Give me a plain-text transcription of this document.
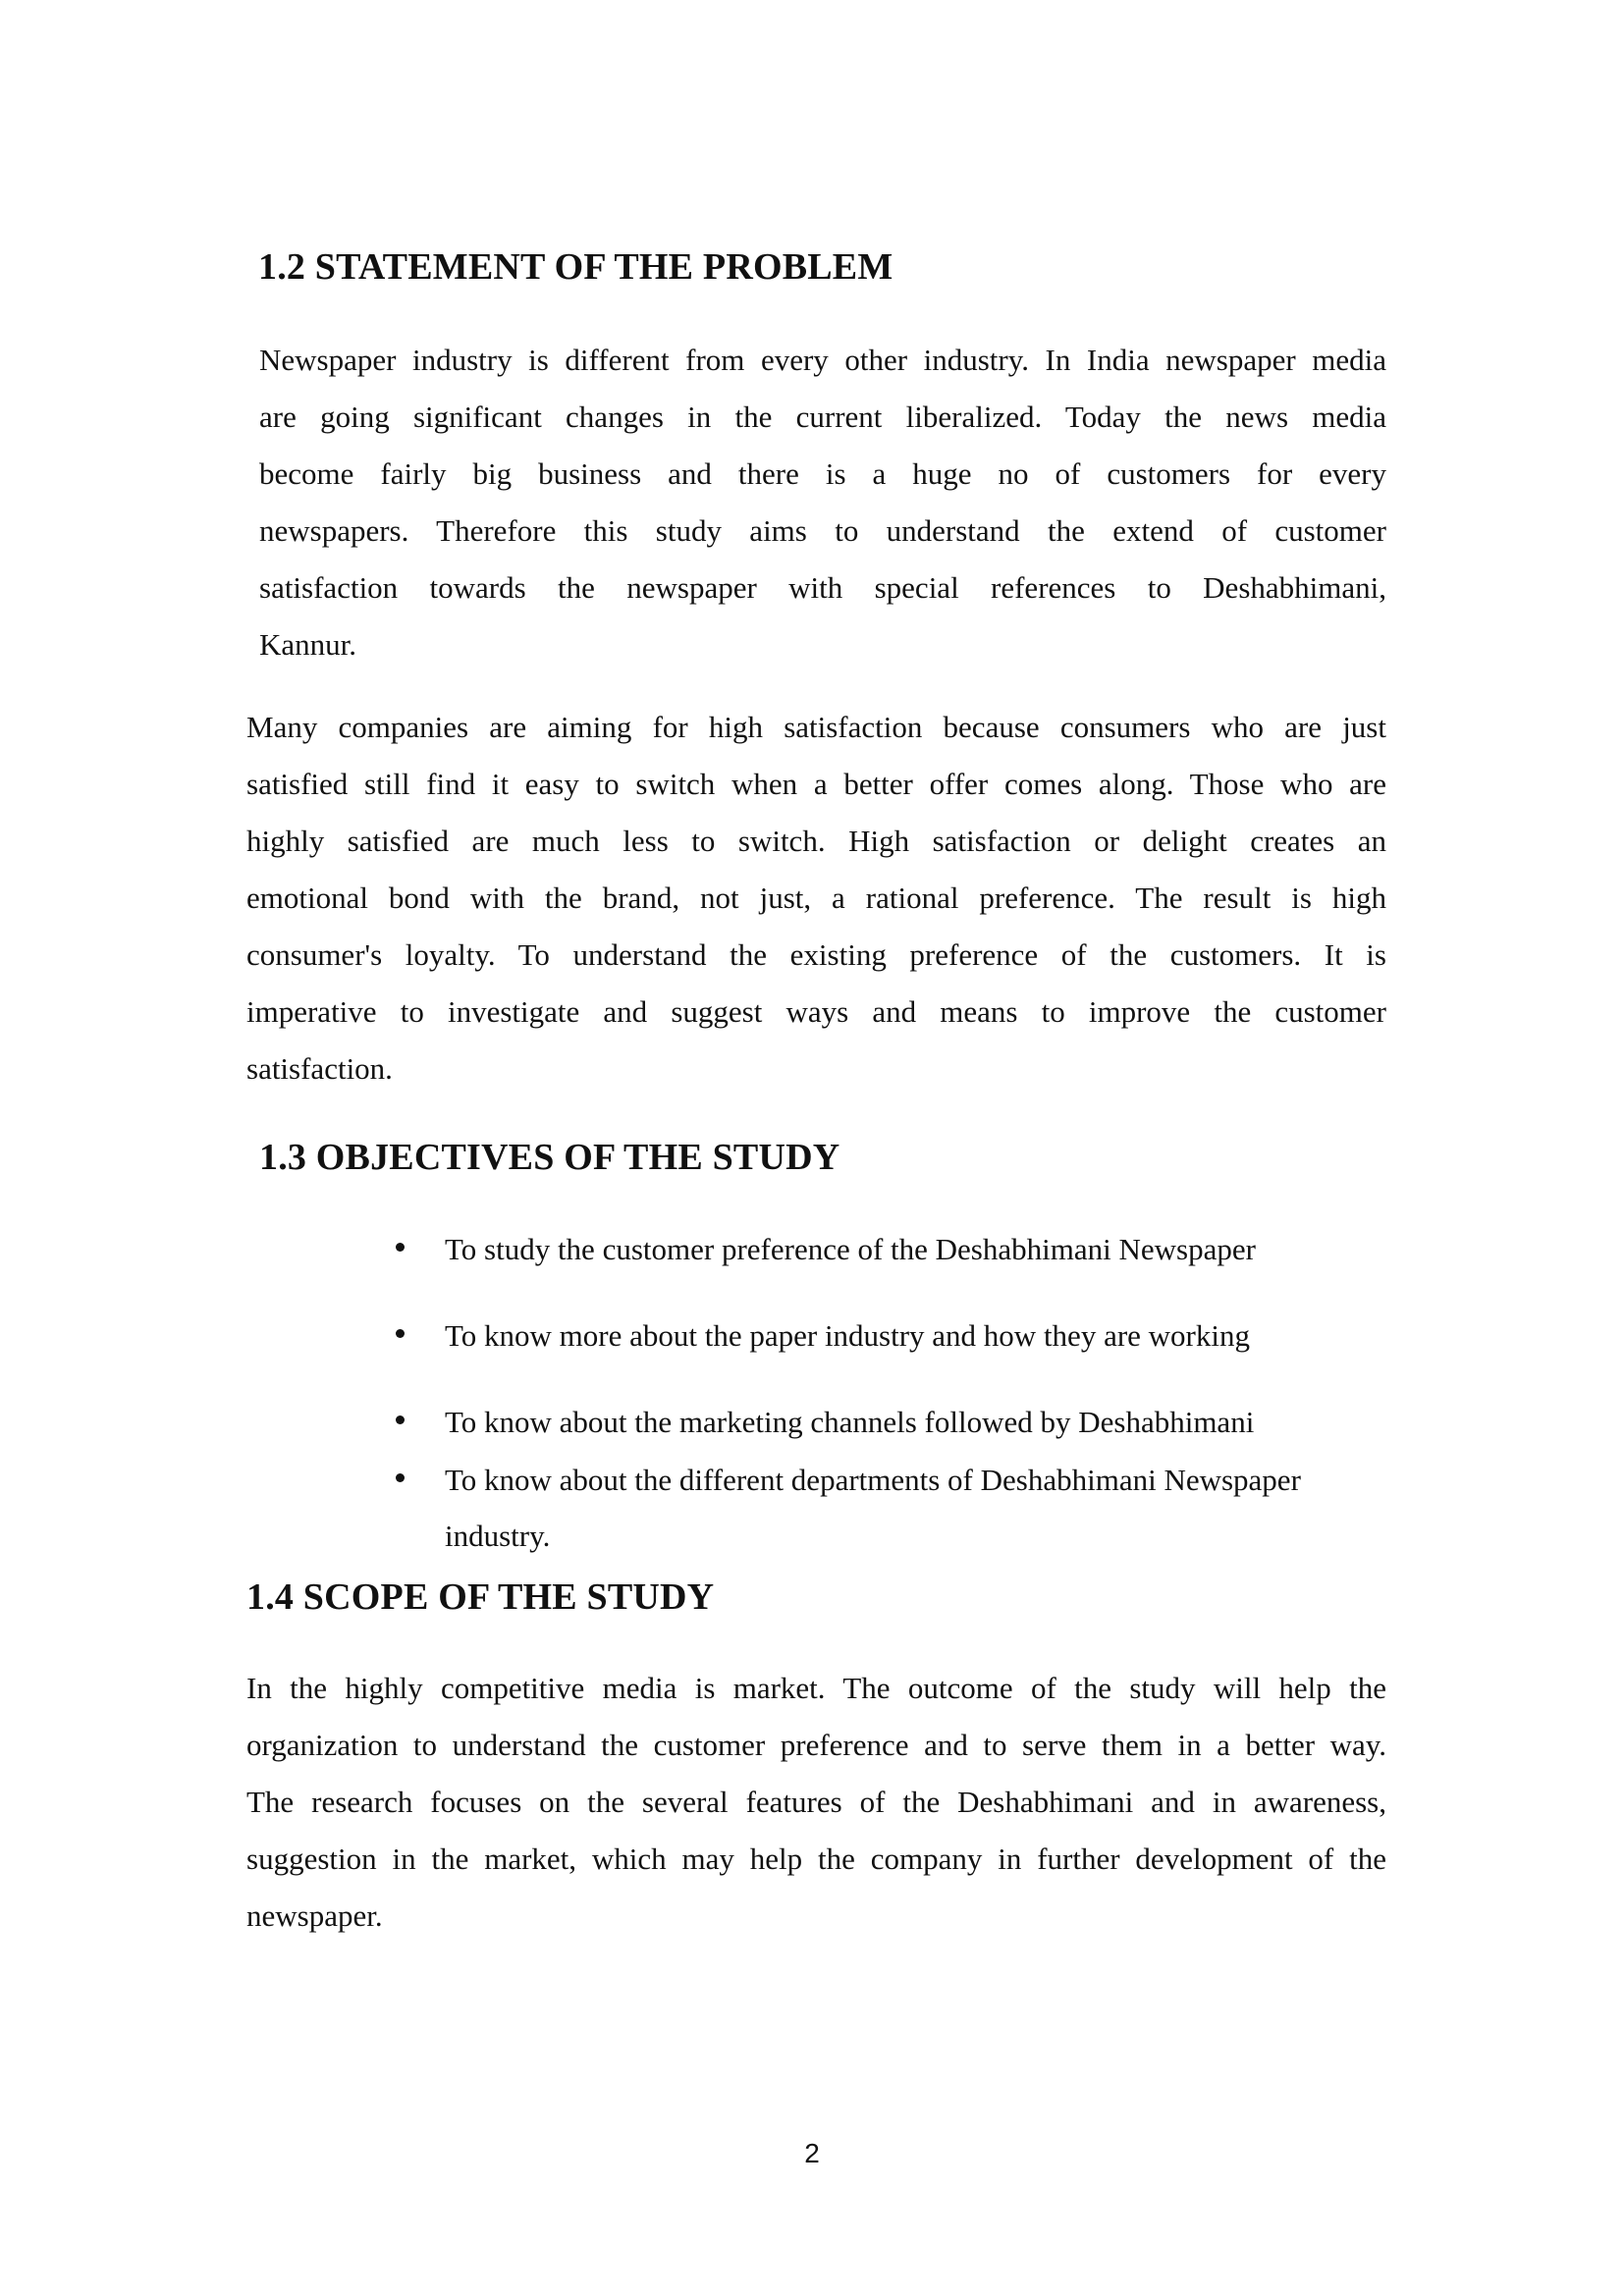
1.2 STATEMENT OF THE PROBLEM
Newspaper industry is different from every other industry. In India newspaper media
are going significant changes in the current liberalized. Today the news media
become fairly big business and there is a huge no of customers for every
newspapers. Therefore this study aims to understand the extend of customer
satisfaction towards the newspaper with special references to Deshabhimani,
Kannur.
Many companies are aiming for high satisfaction because consumers who are just
satisfied still find it easy to switch when a better offer comes along. Those who are
highly satisfied are much less to switch. High satisfaction or delight creates an
emotional bond with the brand, not just, a rational preference. The result is high
consumer's loyalty. To understand the existing preference of the customers. It is
imperative to investigate and suggest ways and means to improve the customer
satisfaction.
1.3 OBJECTIVES OF THE STUDY
To study the customer preference of the Deshabhimani Newspaper
To know more about the paper industry and how they are working
To know about the marketing channels followed by Deshabhimani
To know about the different departments of Deshabhimani Newspaper
industry.
1.4 SCOPE OF THE STUDY
In the highly competitive media is market. The outcome of the study will help the
organization to understand the customer preference and to serve them in a better way.
The research focuses on the several features of the Deshabhimani and in awareness,
suggestion in the market, which may help the company in further development of the
newspaper.
2
